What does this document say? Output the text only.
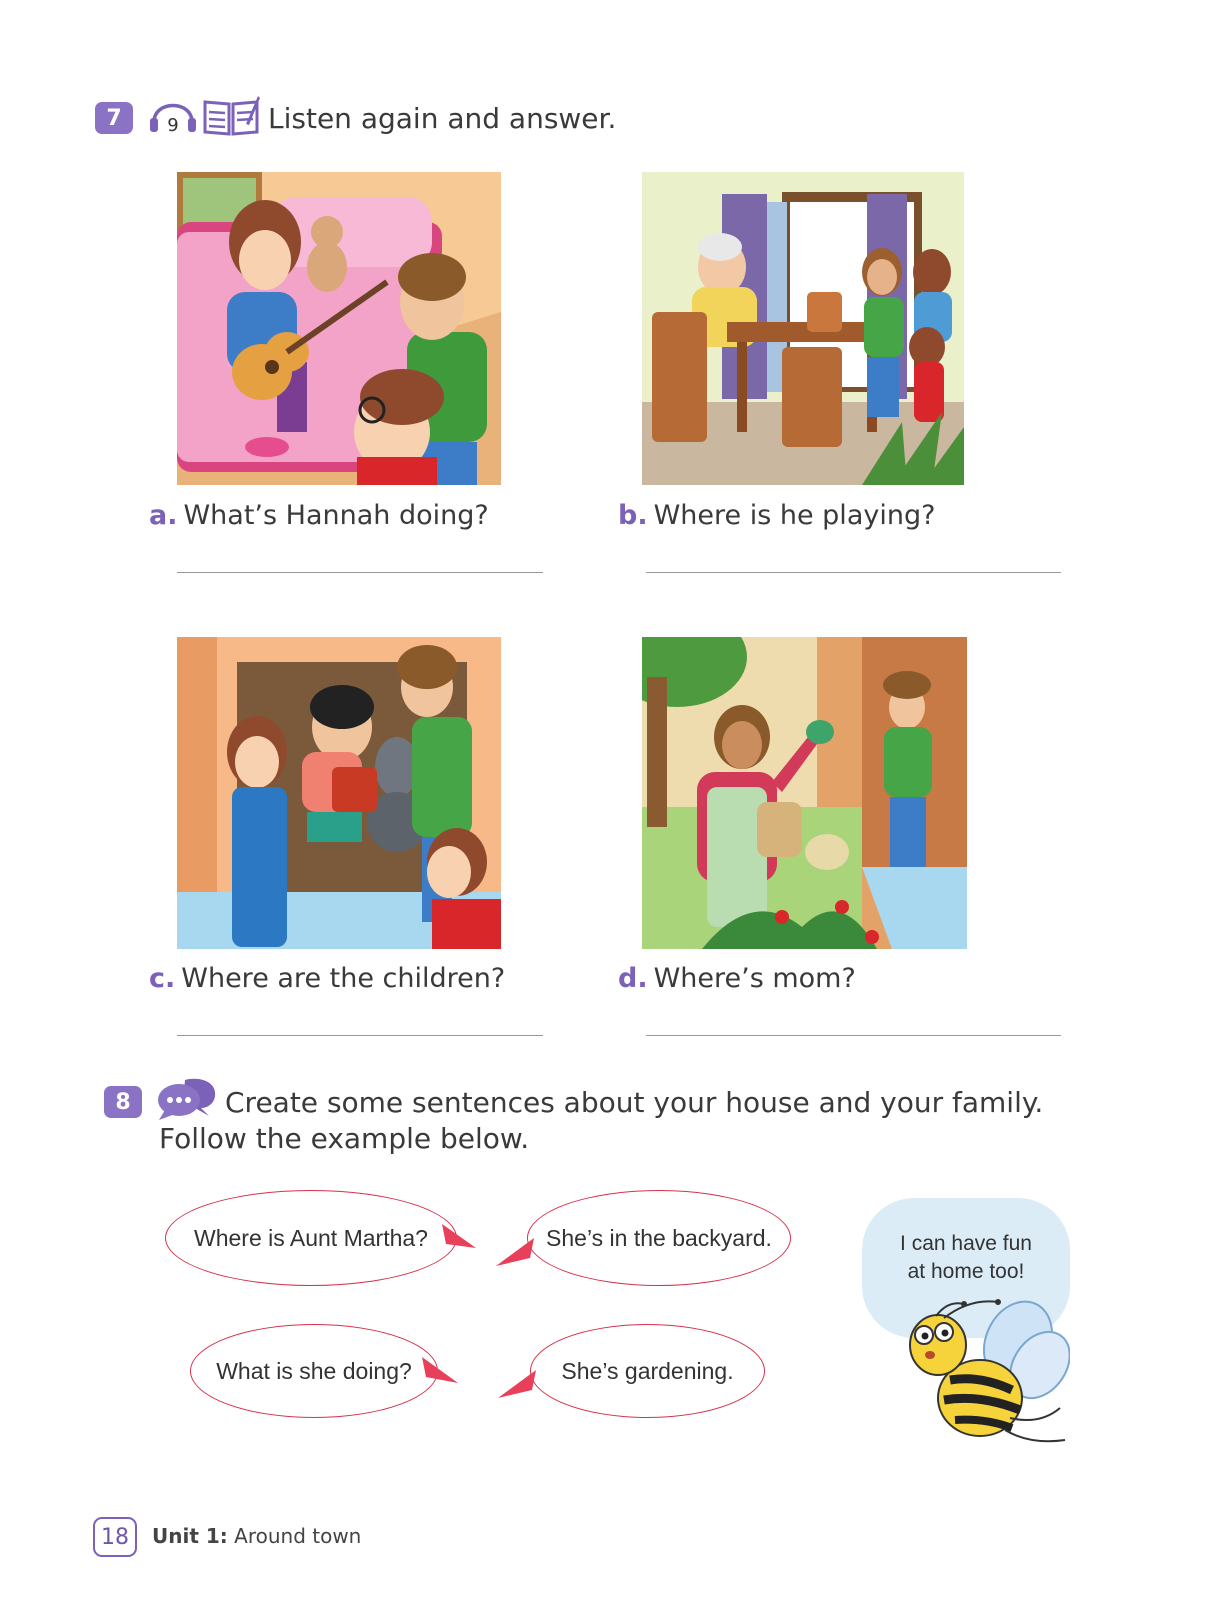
7	9	Listen again and answer.
a. What’s Hannah doing?	b. Where is he playing?
c. Where are the children?	d. Where’s mom?
8	Create some sentences about your house and your family.
Follow the example below.
Where is Aunt Martha?	She’s in the backyard.
What is she doing?	She’s gardening.
I can have fun
at home too!
18	Unit 1: Around town
